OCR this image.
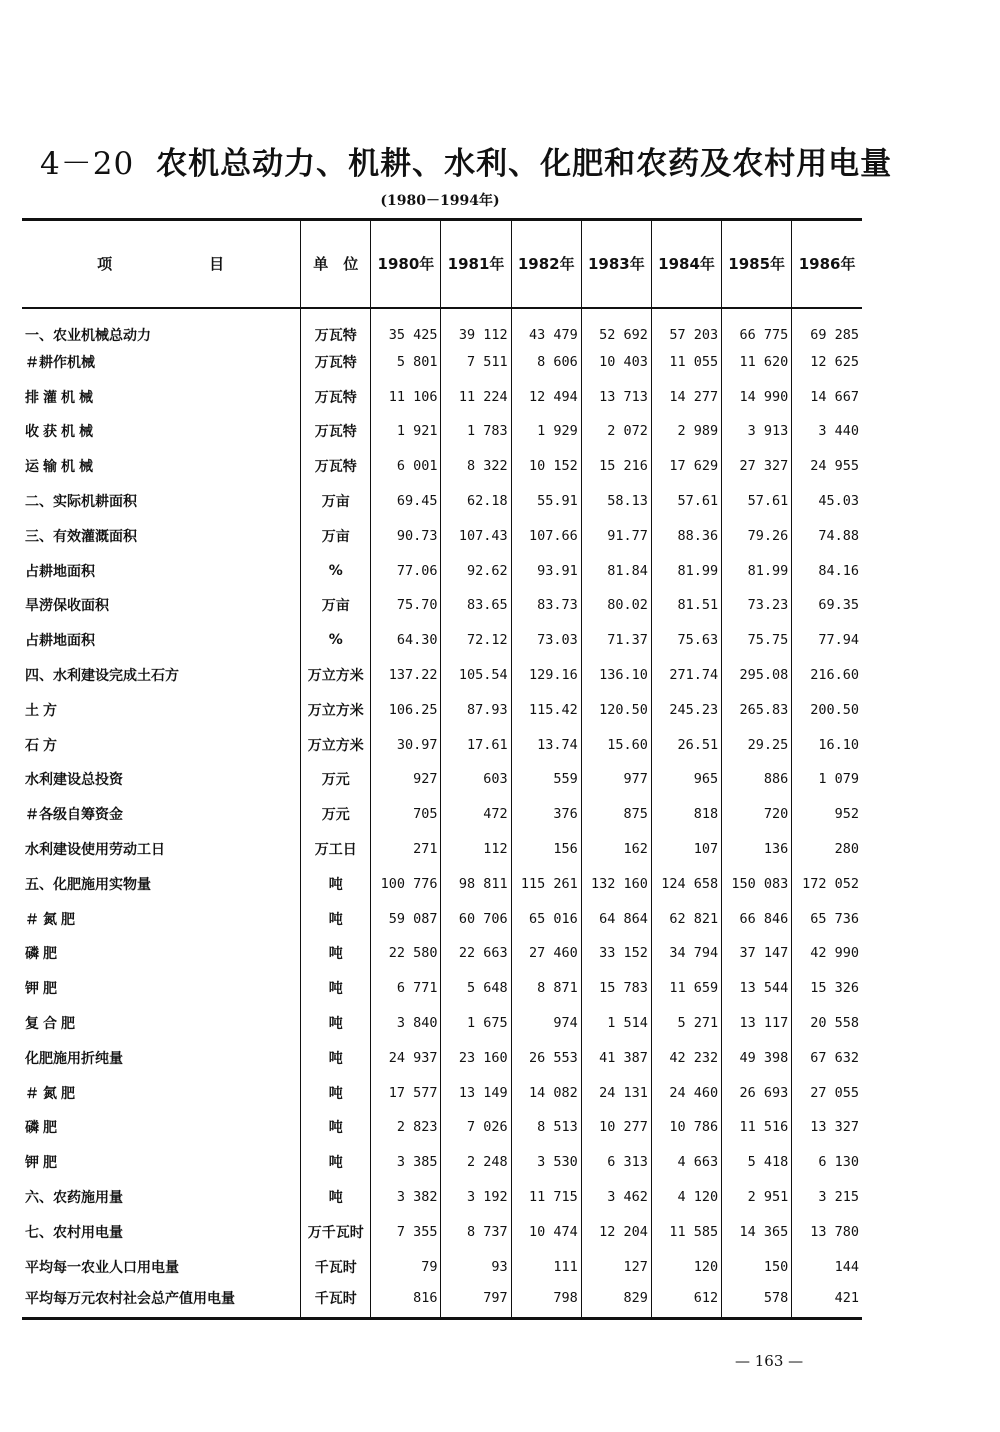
4－20 农机总动力、机耕、水利、化肥和农药及农村用电量
(1980－1994年)
项 目	单　位	1980年	1981年	1982年	1983年	1984年	1985年	1986年
一、农业机械总动力	万瓦特	35 425	39 112	43 479	52 692	57 203	66 775	69 285
＃耕作机械	万瓦特	5 801	7 511	8 606	10 403	11 055	11 620	12 625
排灌机械	万瓦特	11 106	11 224	12 494	13 713	14 277	14 990	14 667
收获机械	万瓦特	1 921	1 783	1 929	2 072	2 989	3 913	3 440
运输机械	万瓦特	6 001	8 322	10 152	15 216	17 629	27 327	24 955
二、实际机耕面积	万亩	69.45	62.18	55.91	58.13	57.61	57.61	45.03
三、有效灌溉面积	万亩	90.73	107.43	107.66	91.77	88.36	79.26	74.88
占耕地面积	%	77.06	92.62	93.91	81.84	81.99	81.99	84.16
旱涝保收面积	万亩	75.70	83.65	83.73	80.02	81.51	73.23	69.35
占耕地面积	%	64.30	72.12	73.03	71.37	75.63	75.75	77.94
四、水利建设完成土石方	万立方米	137.22	105.54	129.16	136.10	271.74	295.08	216.60
土方	万立方米	106.25	87.93	115.42	120.50	245.23	265.83	200.50
石方	万立方米	30.97	17.61	13.74	15.60	26.51	29.25	16.10
水利建设总投资	万元	927	603	559	977	965	886	1 079
＃各级自筹资金	万元	705	472	376	875	818	720	952
水利建设使用劳动工日	万工日	271	112	156	162	107	136	280
五、化肥施用实物量	吨	100 776	98 811	115 261	132 160	124 658	150 083	172 052
＃氮肥	吨	59 087	60 706	65 016	64 864	62 821	66 846	65 736
磷肥	吨	22 580	22 663	27 460	33 152	34 794	37 147	42 990
钾肥	吨	6 771	5 648	8 871	15 783	11 659	13 544	15 326
复合肥	吨	3 840	1 675	974	1 514	5 271	13 117	20 558
化肥施用折纯量	吨	24 937	23 160	26 553	41 387	42 232	49 398	67 632
＃氮肥	吨	17 577	13 149	14 082	24 131	24 460	26 693	27 055
磷肥	吨	2 823	7 026	8 513	10 277	10 786	11 516	13 327
钾肥	吨	3 385	2 248	3 530	6 313	4 663	5 418	6 130
六、农药施用量	吨	3 382	3 192	11 715	3 462	4 120	2 951	3 215
七、农村用电量	万千瓦时	7 355	8 737	10 474	12 204	11 585	14 365	13 780
平均每一农业人口用电量	千瓦时	79	93	111	127	120	150	144
平均每万元农村社会总产值用电量	千瓦时	816	797	798	829	612	578	421
— 163 —
